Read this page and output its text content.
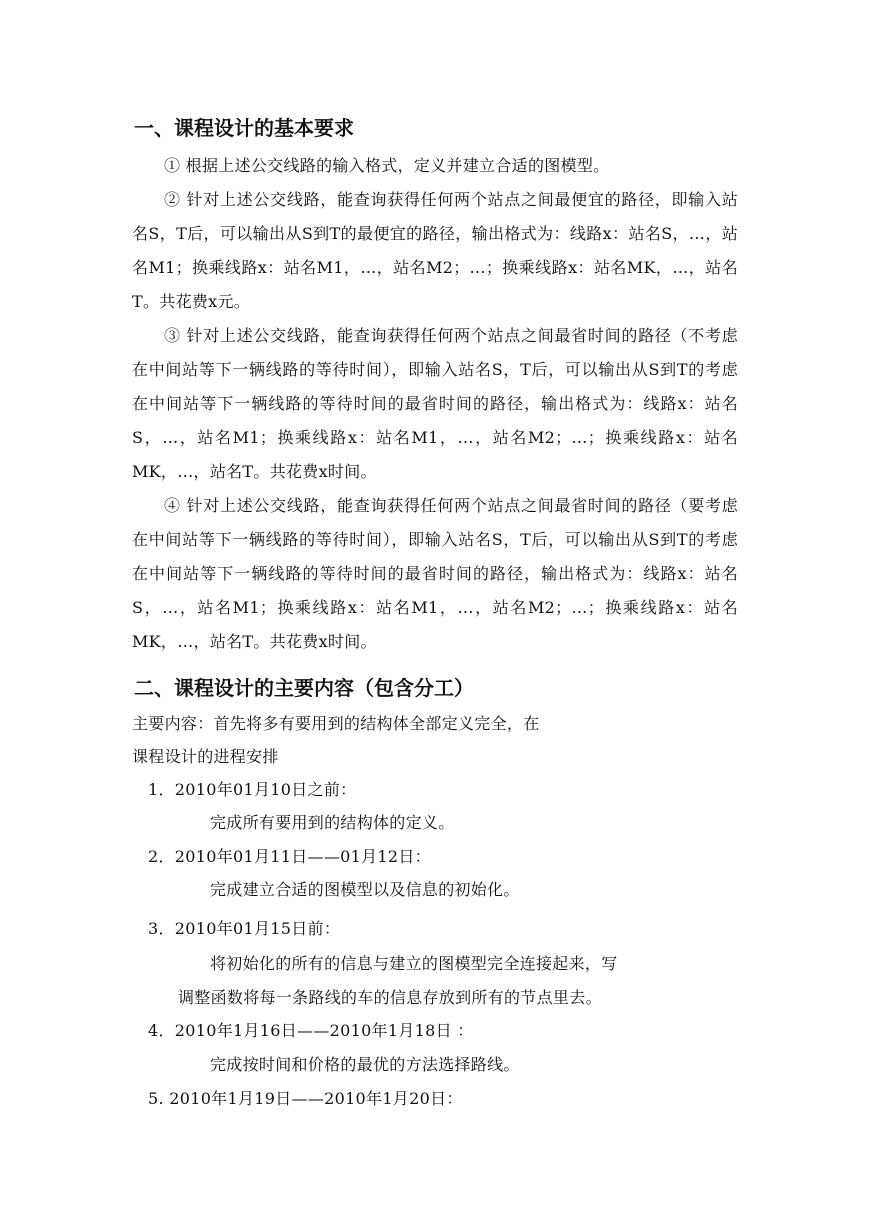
一、课程设计的基本要求
① 根据上述公交线路的输入格式，定义并建立合适的图模型。
② 针对上述公交线路，能查询获得任何两个站点之间最便宜的路径，即输入站名S，T后，可以输出从S到T的最便宜的路径，输出格式为：线路x：站名S，…，站名M1；换乘线路x：站名M1，…，站名M2；…；换乘线路x：站名MK，…，站名T。共花费x元。
③ 针对上述公交线路，能查询获得任何两个站点之间最省时间的路径（不考虑在中间站等下一辆线路的等待时间），即输入站名S，T后，可以输出从S到T的考虑在中间站等下一辆线路的等待时间的最省时间的路径，输出格式为：线路x：站名S，…，站名M1；换乘线路x：站名M1，…，站名M2；…；换乘线路x：站名MK，…，站名T。共花费x时间。
④ 针对上述公交线路，能查询获得任何两个站点之间最省时间的路径（要考虑在中间站等下一辆线路的等待时间），即输入站名S，T后，可以输出从S到T的考虑在中间站等下一辆线路的等待时间的最省时间的路径，输出格式为：线路x：站名S，…，站名M1；换乘线路x：站名M1，…，站名M2；…；换乘线路x：站名MK，…，站名T。共花费x时间。
二、课程设计的主要内容（包含分工）
主要内容：首先将多有要用到的结构体全部定义完全，在
课程设计的进程安排
1．2010年01月10日之前：
完成所有要用到的结构体的定义。
2．2010年01月11日——01月12日：
完成建立合适的图模型以及信息的初始化。
3．2010年01月15日前：
将初始化的所有的信息与建立的图模型完全连接起来，写
调整函数将每一条路线的车的信息存放到所有的节点里去。
4．2010年1月16日——2010年1月18日 ：
完成按时间和价格的最优的方法选择路线。
5. 2010年1月19日——2010年1月20日：
